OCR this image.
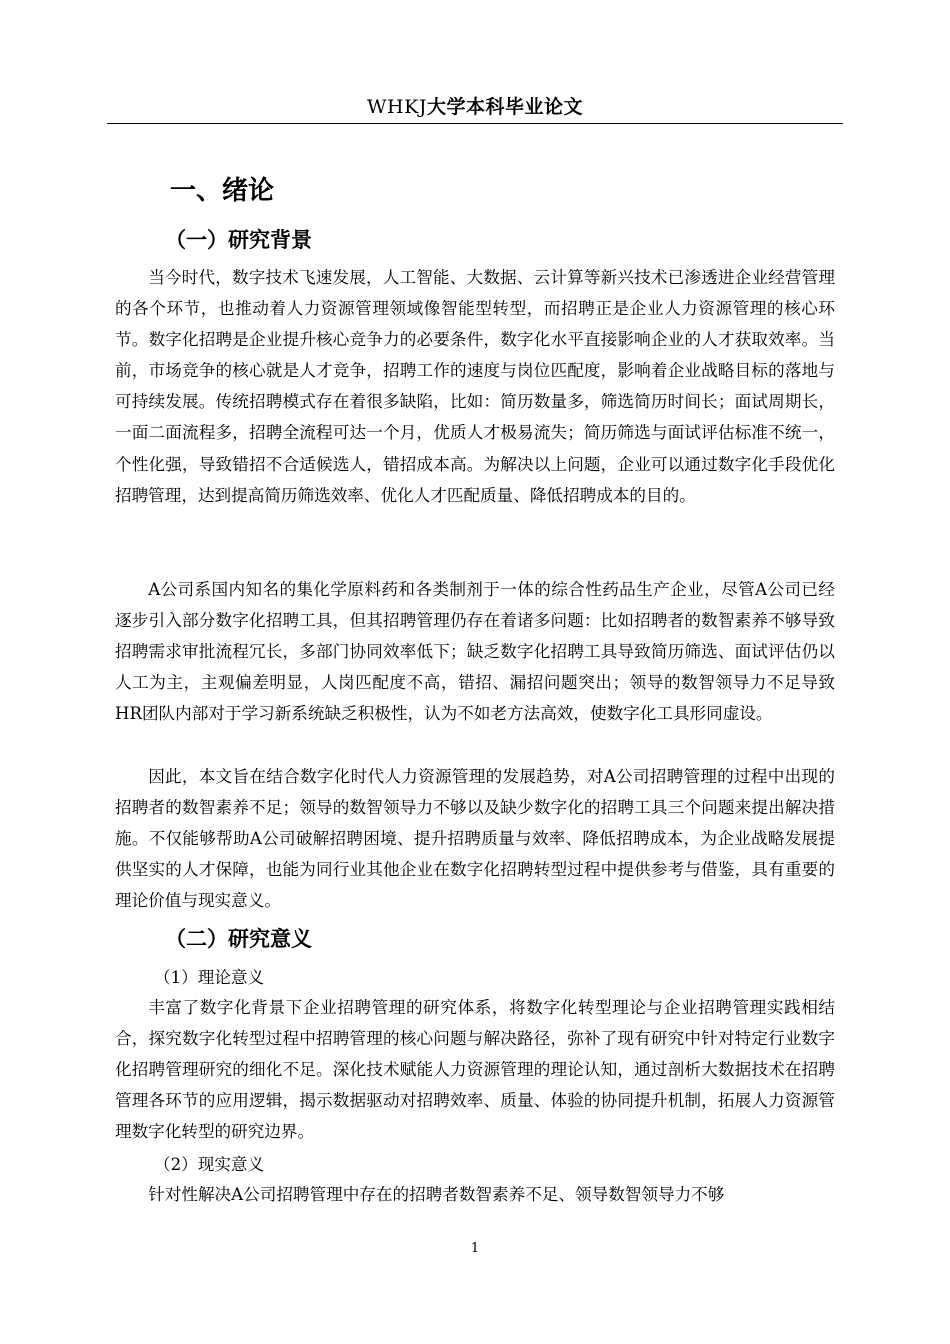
WHKJ大学本科毕业论文
一、绪论
（一）研究背景

当今时代，数字技术飞速发展，人工智能、大数据、云计算等新兴技术已渗透进企业经营管理的各个环节，也推动着人力资源管理领域像智能型转型，而招聘正是企业人力资源管理的核心环节。数字化招聘是企业提升核心竞争力的必要条件，数字化水平直接影响企业的人才获取效率。当前，市场竞争的核心就是人才竞争，招聘工作的速度与岗位匹配度，影响着企业战略目标的落地与可持续发展。传统招聘模式存在着很多缺陷，比如：简历数量多，筛选简历时间长；面试周期长，一面二面流程多，招聘全流程可达一个月，优质人才极易流失；简历筛选与面试评估标准不统一，个性化强，导致错招不合适候选人，错招成本高。为解决以上问题，企业可以通过数字化手段优化招聘管理，达到提高简历筛选效率、优化人才匹配质量、降低招聘成本的目的。

A公司系国内知名的集化学原料药和各类制剂于一体的综合性药品生产企业，尽管A公司已经逐步引入部分数字化招聘工具，但其招聘管理仍存在着诸多问题：比如招聘者的数智素养不够导致招聘需求审批流程冗长，多部门协同效率低下；缺乏数字化招聘工具导致简历筛选、面试评估仍以人工为主，主观偏差明显，人岗匹配度不高，错招、漏招问题突出；领导的数智领导力不足导致HR团队内部对于学习新系统缺乏积极性，认为不如老方法高效，使数字化工具形同虚设。

因此，本文旨在结合数字化时代人力资源管理的发展趋势，对A公司招聘管理的过程中出现的招聘者的数智素养不足；领导的数智领导力不够以及缺少数字化的招聘工具三个问题来提出解决措施。不仅能够帮助A公司破解招聘困境、提升招聘质量与效率、降低招聘成本，为企业战略发展提供坚实的人才保障，也能为同行业其他企业在数字化招聘转型过程中提供参考与借鉴，具有重要的理论价值与现实意义。

（二）研究意义
（1）理论意义

丰富了数字化背景下企业招聘管理的研究体系，将数字化转型理论与企业招聘管理实践相结合，探究数字化转型过程中招聘管理的核心问题与解决路径，弥补了现有研究中针对特定行业数字化招聘管理研究的细化不足。深化技术赋能人力资源管理的理论认知，通过剖析大数据技术在招聘管理各环节的应用逻辑，揭示数据驱动对招聘效率、质量、体验的协同提升机制，拓展人力资源管理数字化转型的研究边界。

（2）现实意义

针对性解决A公司招聘管理中存在的招聘者数智素养不足、领导数智领导力不够

1
